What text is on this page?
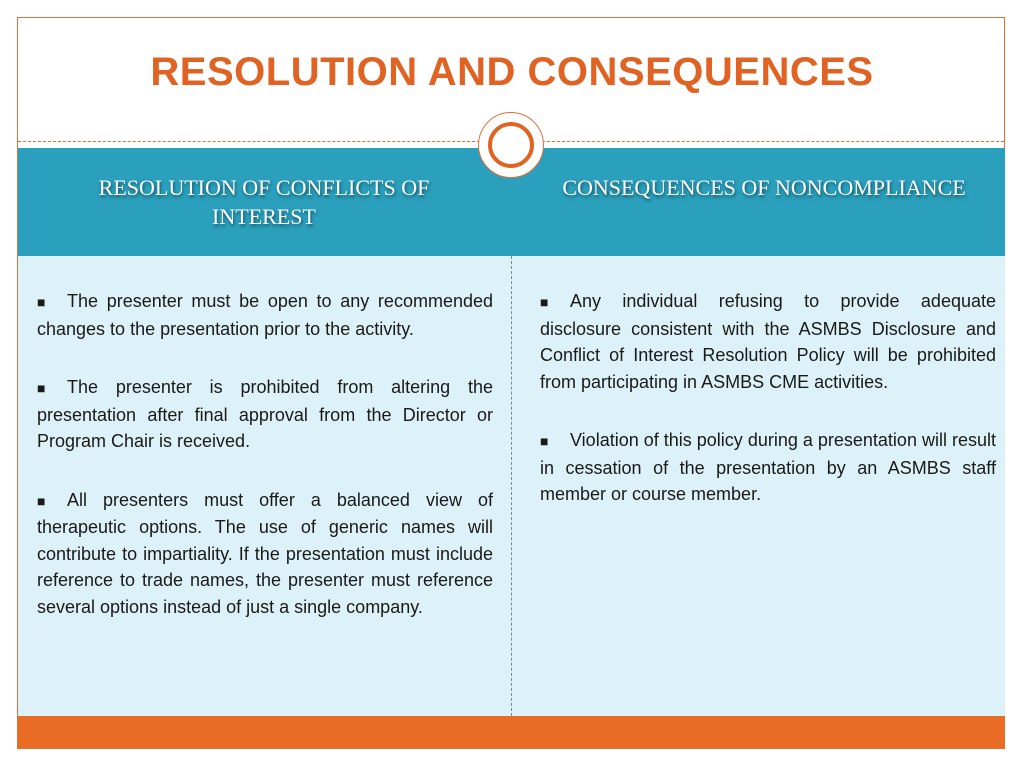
RESOLUTION AND CONSEQUENCES
RESOLUTION OF CONFLICTS OF INTEREST
CONSEQUENCES OF NONCOMPLIANCE

■ The presenter must be open to any recommended changes to the presentation prior to the activity.

■ The presenter is prohibited from altering the presentation after final approval from the Director or Program Chair is received.

■ All presenters must offer a balanced view of therapeutic options. The use of generic names will contribute to impartiality. If the presentation must include reference to trade names, the presenter must reference several options instead of just a single company.

■ Any individual refusing to provide adequate disclosure consistent with the ASMBS Disclosure and Conflict of Interest Resolution Policy will be prohibited from participating in ASMBS CME activities.

■ Violation of this policy during a presentation will result in cessation of the presentation by an ASMBS staff member or course member.
